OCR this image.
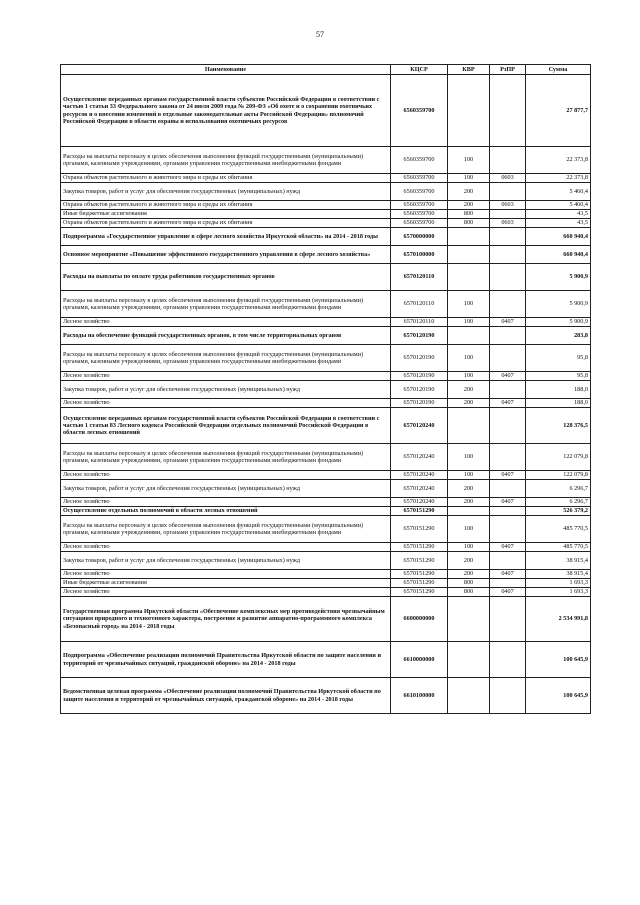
57
Наименование	КЦСР	КВР	РзПР	Сумма
Осуществление переданных органам государственной власти субъектов Российской Федерации в соответствии с частью 1 статьи 33 Федерального закона от 24 июля 2009 года № 209-ФЗ «Об охоте и о сохранении охотничьих ресурсов и о внесении изменений в отдельные законодательные акты Российской Федерации» полномочий Российской Федерации в области охраны и использования охотничьих ресурсов	6560359700			27 877,7
Расходы на выплаты персоналу в целях обеспечения выполнения функций государственными (муниципальными) органами, казенными учреждениями, органами управления государственными внебюджетными фондами	6560359700	100		22 373,8
Охрана объектов растительного и животного мира и среды их обитания	6560359700	100	0603	22 373,8
Закупка товаров, работ и услуг для обеспечения государственных (муниципальных) нужд	6560359700	200		5 460,4
Охрана объектов растительного и животного мира и среды их обитания	6560359700	200	0603	5 460,4
Иные бюджетные ассигнования	6560359700	800		43,5
Охрана объектов растительного и животного мира и среды их обитания	6560359700	800	0603	43,5
Подпрограмма «Государственное управление в сфере лесного хозяйства Иркутской области» на 2014 - 2018 годы	6570000000			660 940,4
Основное мероприятие «Повышение эффективного государственного управления в сфере лесного хозяйства»	6570100000			660 940,4
Расходы на выплаты по оплате труда работников государственных органов	6570120110			5 900,9
Расходы на выплаты персоналу в целях обеспечения выполнения функций государственными (муниципальными) органами, казенными учреждениями, органами управления государственными внебюджетными фондами	6570120110	100		5 900,9
Лесное хозяйство	6570120110	100	0407	5 900,9
Расходы на обеспечение функций государственных органов, в том числе территориальных органов	6570120190			283,8
Расходы на выплаты персоналу в целях обеспечения выполнения функций государственными (муниципальными) органами, казенными учреждениями, органами управления государственными внебюджетными фондами	6570120190	100		95,8
Лесное хозяйство	6570120190	100	0407	95,8
Закупка товаров, работ и услуг для обеспечения государственных (муниципальных) нужд	6570120190	200		188,0
Лесное хозяйство	6570120190	200	0407	188,0
Осуществление переданных органам государственной власти субъектов Российской Федерации в соответствии с частью 1 статьи 83 Лесного кодекса Российской Федерации отдельных полномочий Российской Федерации в области лесных отношений	6570120240			128 376,5
Расходы на выплаты персоналу в целях обеспечения выполнения функций государственными (муниципальными) органами, казенными учреждениями, органами управления государственными внебюджетными фондами	6570120240	100		122 079,8
Лесное хозяйство	6570120240	100	0407	122 079,8
Закупка товаров, работ и услуг для обеспечения государственных (муниципальных) нужд	6570120240	200		6 296,7
Лесное хозяйство	6570120240	200	0407	6 296,7
Осуществление отдельных полномочий в области лесных отношений	6570151290			526 379,2
Расходы на выплаты персоналу в целях обеспечения выполнения функций государственными (муниципальными) органами, казенными учреждениями, органами управления государственными внебюджетными фондами	6570151290	100		485 770,5
Лесное хозяйство	6570151290	100	0407	485 770,5
Закупка товаров, работ и услуг для обеспечения государственных (муниципальных) нужд	6570151290	200		38 915,4
Лесное хозяйство	6570151290	200	0407	38 915,4
Иные бюджетные ассигнования	6570151290	800		1 693,3
Лесное хозяйство	6570151290	800	0407	1 693,3
Государственная программа Иркутской области «Обеспечение комплексных мер противодействия чрезвычайным ситуациям природного и техногенного характера, построение и развитие аппаратно-программного комплекса «Безопасный город» на 2014 - 2018 годы	6600000000			2 534 991,8
Подпрограмма «Обеспечение реализации полномочий Правительства Иркутской области по защите населения и территорий от чрезвычайных ситуаций, гражданской обороне» на 2014 - 2018 годы	6610000000			100 645,9
Ведомственная целевая программа «Обеспечение реализации полномочий Правительства Иркутской области по защите населения и территорий от чрезвычайных ситуаций, гражданской обороне» на 2014 - 2018 годы	6610100000			100 645,9
